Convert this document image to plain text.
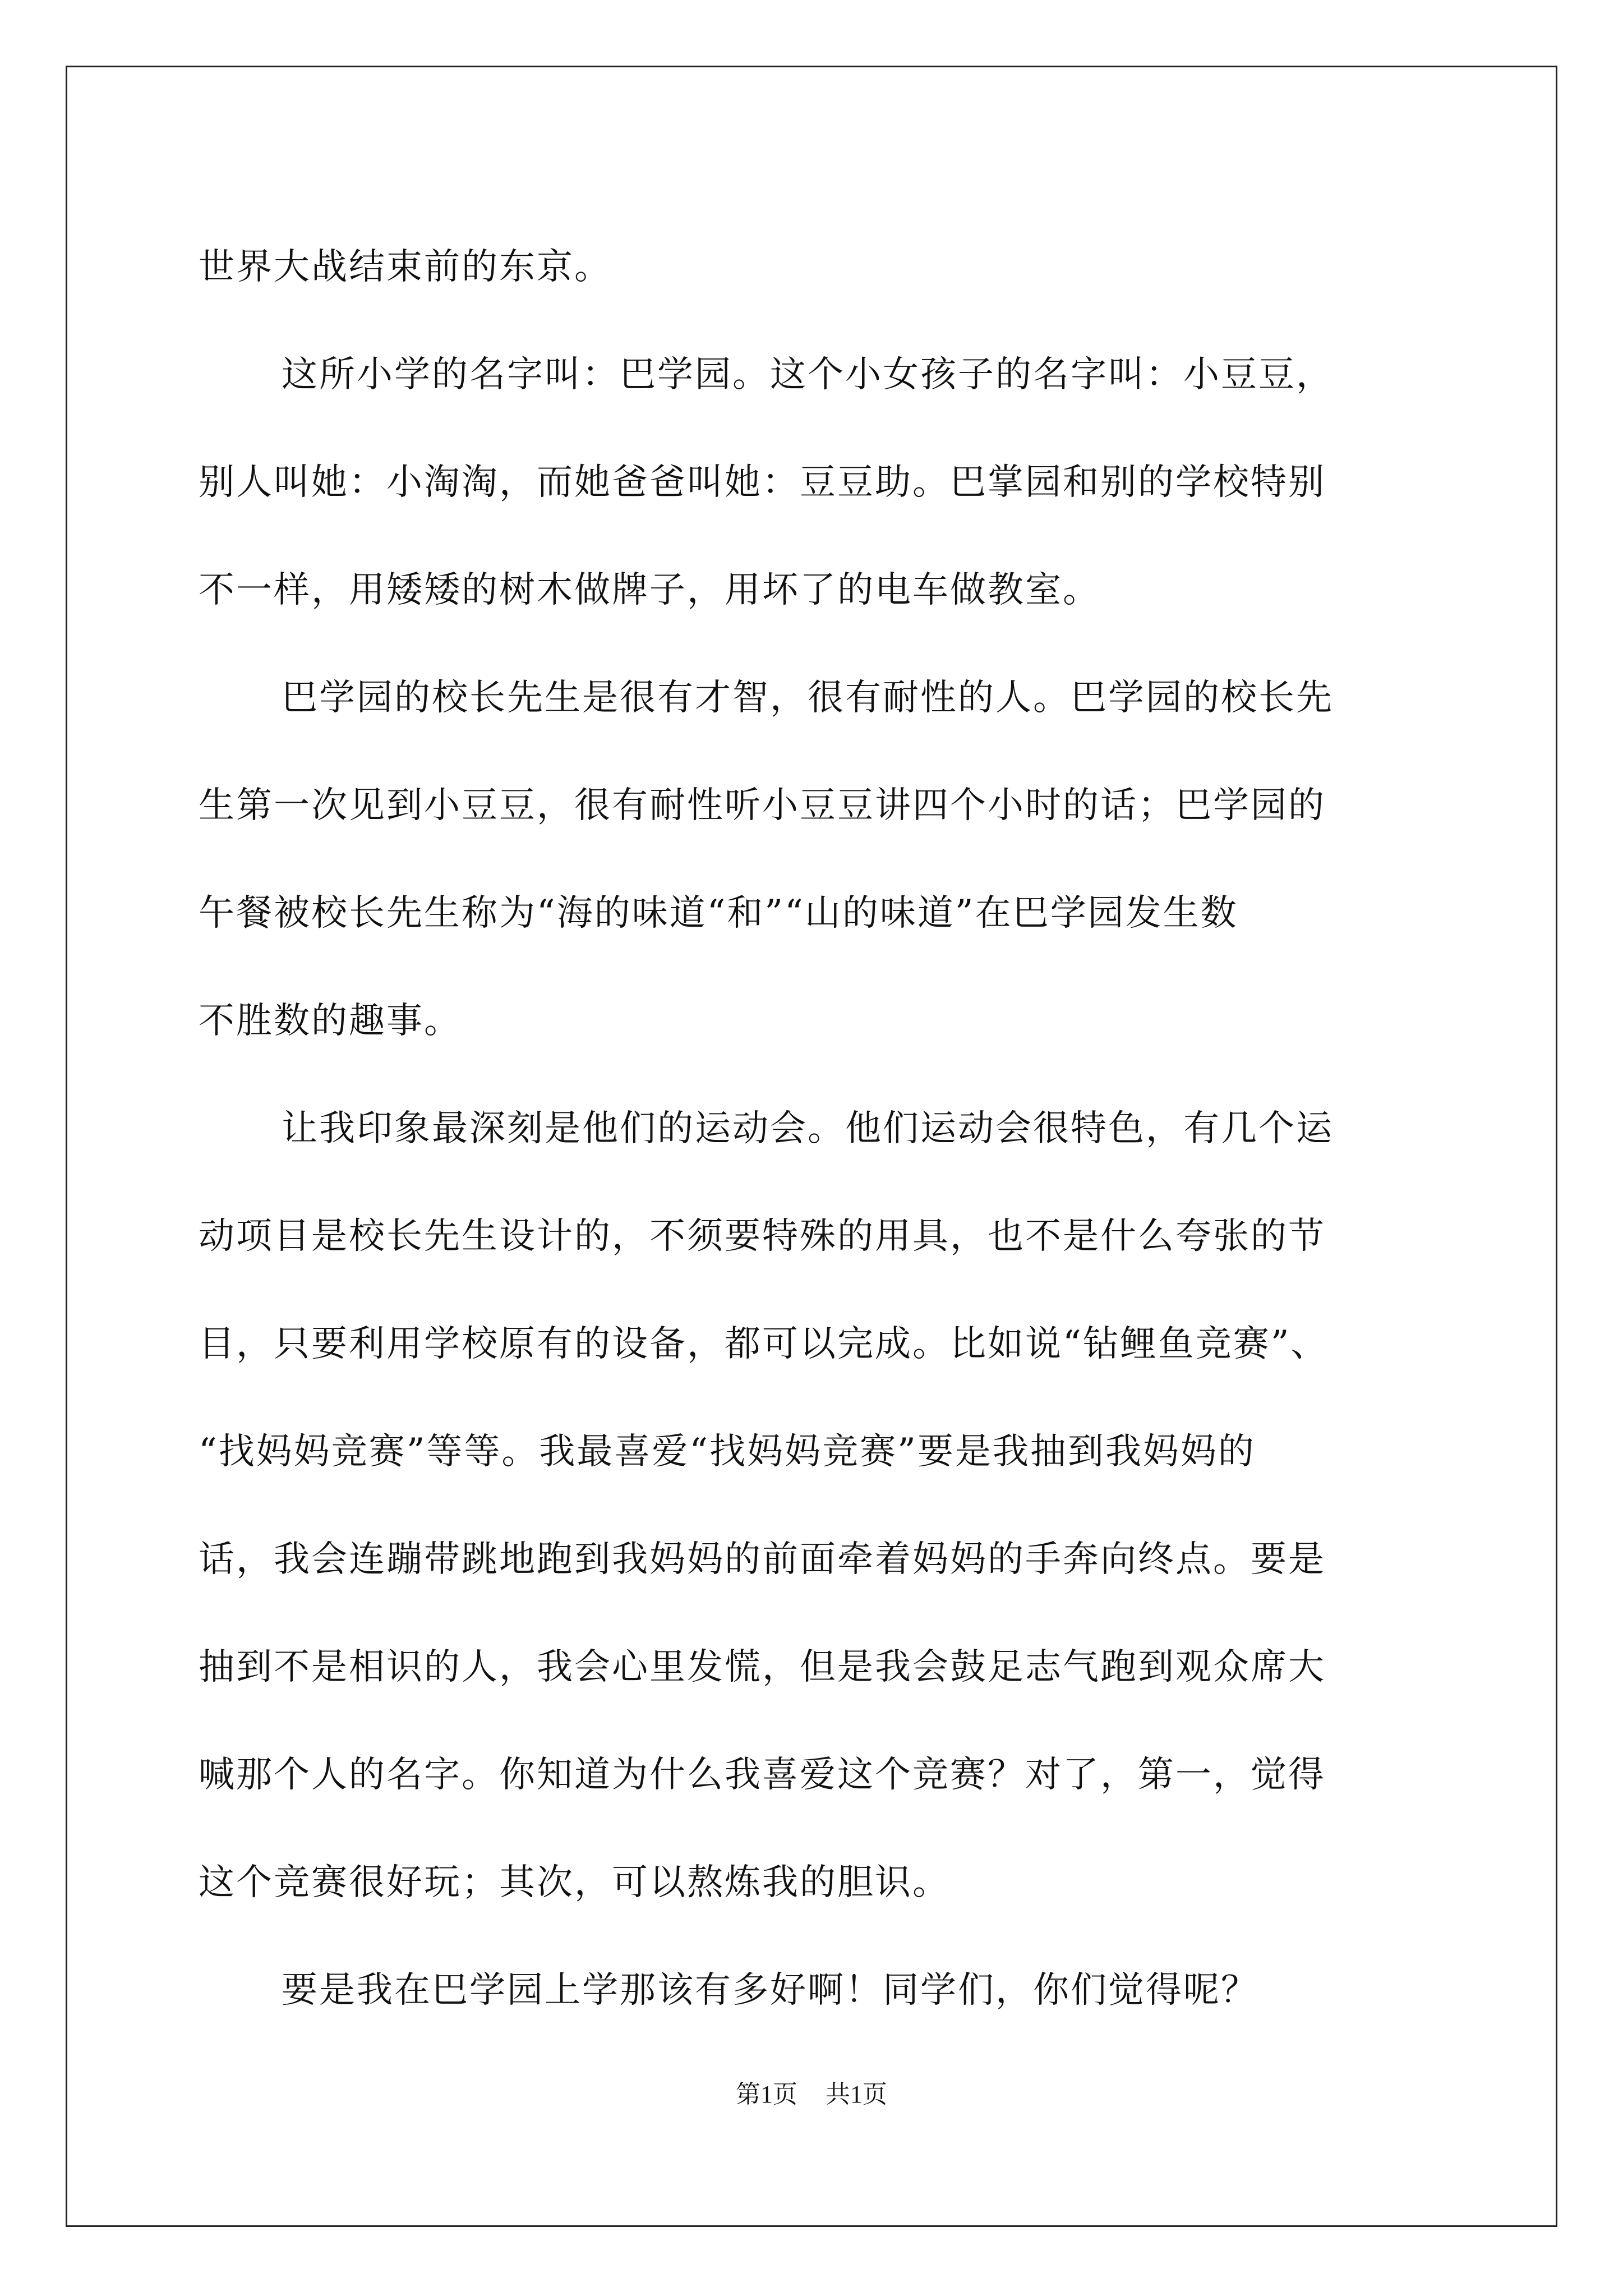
世界大战结束前的东京。
这所小学的名字叫：巴学园。这个小女孩子的名字叫：小豆豆，
别人叫她：小淘淘，而她爸爸叫她：豆豆助。巴掌园和别的学校特别
不一样，用矮矮的树木做牌子，用坏了的电车做教室。
巴学园的校长先生是很有才智，很有耐性的人。巴学园的校长先
生第一次见到小豆豆，很有耐性听小豆豆讲四个小时的话；巴学园的
午餐被校长先生称为“海的味道“和”“山的味道”在巴学园发生数
不胜数的趣事。
让我印象最深刻是他们的运动会。他们运动会很特色，有几个运
动项目是校长先生设计的，不须要特殊的用具，也不是什么夸张的节
目，只要利用学校原有的设备，都可以完成。比如说“钻鲤鱼竞赛”、
“找妈妈竞赛”等等。我最喜爱“找妈妈竞赛”要是我抽到我妈妈的
话，我会连蹦带跳地跑到我妈妈的前面牵着妈妈的手奔向终点。要是
抽到不是相识的人，我会心里发慌，但是我会鼓足志气跑到观众席大
喊那个人的名字。你知道为什么我喜爱这个竞赛？对了，第一，觉得
这个竞赛很好玩；其次，可以熬炼我的胆识。
要是我在巴学园上学那该有多好啊！同学们，你们觉得呢？
第1页 共1页
